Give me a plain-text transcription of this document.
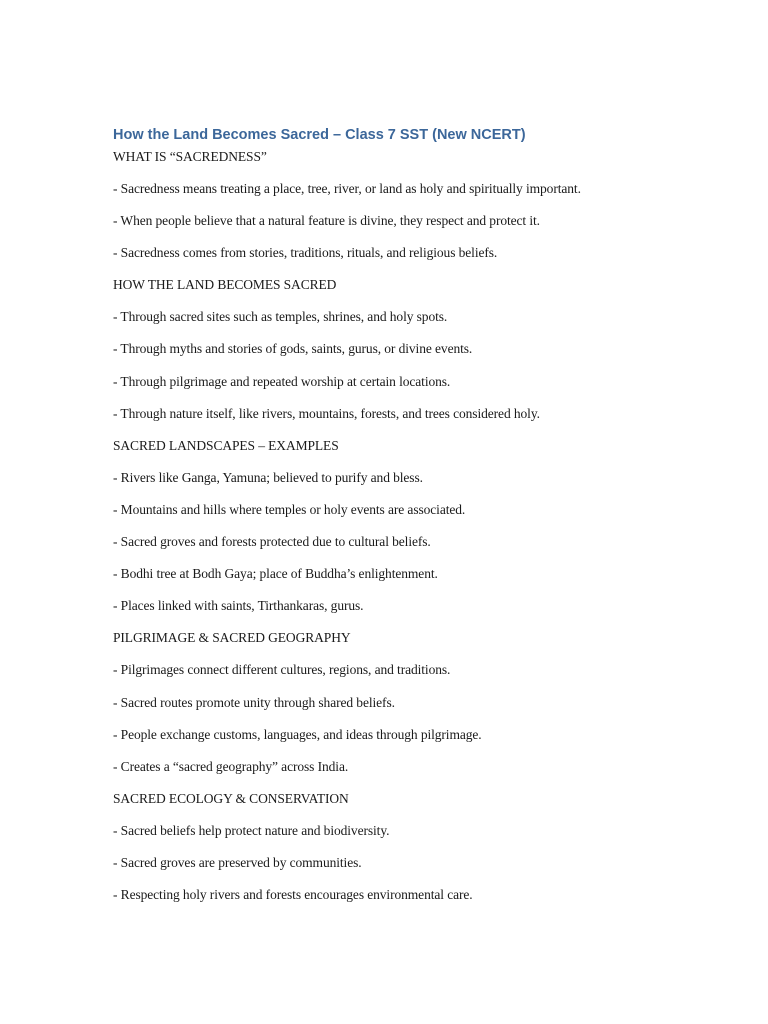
How the Land Becomes Sacred – Class 7 SST (New NCERT)
WHAT IS “SACREDNESS”
- Sacredness means treating a place, tree, river, or land as holy and spiritually important.
- When people believe that a natural feature is divine, they respect and protect it.
- Sacredness comes from stories, traditions, rituals, and religious beliefs.
HOW THE LAND BECOMES SACRED
- Through sacred sites such as temples, shrines, and holy spots.
- Through myths and stories of gods, saints, gurus, or divine events.
- Through pilgrimage and repeated worship at certain locations.
- Through nature itself, like rivers, mountains, forests, and trees considered holy.
SACRED LANDSCAPES – EXAMPLES
- Rivers like Ganga, Yamuna; believed to purify and bless.
- Mountains and hills where temples or holy events are associated.
- Sacred groves and forests protected due to cultural beliefs.
- Bodhi tree at Bodh Gaya; place of Buddha’s enlightenment.
- Places linked with saints, Tirthankaras, gurus.
PILGRIMAGE & SACRED GEOGRAPHY
- Pilgrimages connect different cultures, regions, and traditions.
- Sacred routes promote unity through shared beliefs.
- People exchange customs, languages, and ideas through pilgrimage.
- Creates a “sacred geography” across India.
SACRED ECOLOGY & CONSERVATION
- Sacred beliefs help protect nature and biodiversity.
- Sacred groves are preserved by communities.
- Respecting holy rivers and forests encourages environmental care.
